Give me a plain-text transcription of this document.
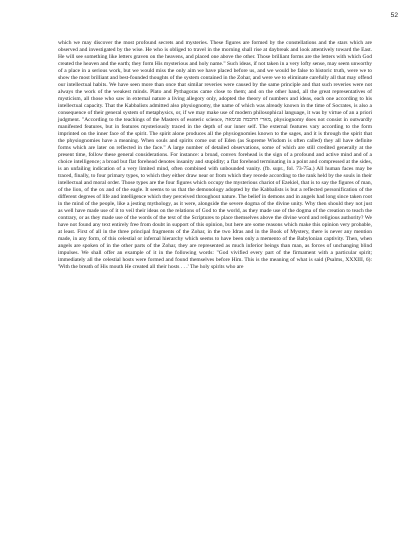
52

which we may discover the most profound secrets and mysteries. These figures are formed by the constellations and the stars which are observed and investigated by the wise. He who is obliged to travel in the morning shall rise at daybreak and look attentively toward the East. He will see something like letters graven on the heavens, and placed one above the other. Those brilliant forms are the letters with which God created the heaven and the earth; they form His mysterious and holy name." Such ideas, if not taken in a very lofty sense, may seem unworthy of a place in a serious work, but we would miss the only aim we have placed before us, and we would be false to historic truth, were we to show the most brilliant and best-founded thoughts of the system contained in the Zohar, and were we to eliminate carefully all that may offend our intellectual habits. We have seen more than once that similar reveries were caused by the same principle and that such reveries were not always the work of the weakest minds. Plato and Pythagoras came close to them; and on the other hand, all the great representatives of mysticism, all those who saw in external nature a living allegory only, adopted the theory of numbers and ideas, each one according to his intellectual capacity. That the Kabbalists admitted also physiognomy, the name of which was already known in the time of Socrates, is also a consequence of their general system of metaphysics, or, if we may make use of modern philosophical language, it was by virtue of an a priori judgment. "According to the teachings of the Masters of esoteric science, מארי החכמה פנימאה, physiognomy does not consist in outwardly manifested features, but in features mysteriously traced in the depth of our inner self. The external features vary according to the form imprinted on the inner face of the spirit. The spirit alone produces all the physiognomies known to the sages, and it is through the spirit that the physiognomies have a meaning. When souls and spirits come out of Eden (as Supreme Wisdom is often called) they all have definite forms which are later on reflected in the face." A large number of detailed observations, some of which are still credited generally at the present time, follow these general considerations. For instance: a broad, convex forehead is the sign of a profound and active mind and of a choice intelligence; a broad but flat forehead denotes insanity and stupidity; a flat forehead terminating in a point and compressed at the sides, is an unfailing indication of a very limited mind, often combined with unbounded vanity. (fb. supr., fol. 73-75a.) All human faces may be traced, finally, to four primary types, to which they either draw near or from which they recede according to the rank held by the souls in their intellectual and moral order. Those types are the four figures which occupy the mysterious chariot of Ezekiel, that is to say the figures of man, of the lion, of the ox and of the eagle. It seems to us that the demonology adopted by the Kabbalists is but a reflected personification of the different degrees of life and intelligence which they perceived throughout nature. The belief in demons and in angels had long since taken root in the mind of the people, like a jesting mythology, as it were, alongside the severe dogma of the divine unity. Why then should they not just as well have made use of it to veil their ideas on the relations of God to the world, as they made use of the dogma of the creation to teach the contrary, or as they made use of the words of the text of the Scriptures to place themselves above the divine word and religious authority? We have not found any text entirely free from doubt in support of this opinion, but here are some reasons which make this opinion very probable, at least. First of all in the three principal fragments of the Zohar, in the two Idras and in the Book of Mystery, there is never any mention made, in any form, of this celestial or infernal hierarchy which seems to have been only a memento of the Babylonian captivity. Then, when angels are spoken of in the other parts of the Zohar, they are represented as much inferior beings than man, as forces of unchanging blind impulses. We shall offer an example of it in the following words: "God vivified every part of the firmament with a particular spirit; immediately all the celestial hosts were formed and found themselves before Him. This is the meaning of what is said (Psalms, XXXIII, 6): 'With the breath of His mouth He created all their hosts . . .' The holy spirits who are
